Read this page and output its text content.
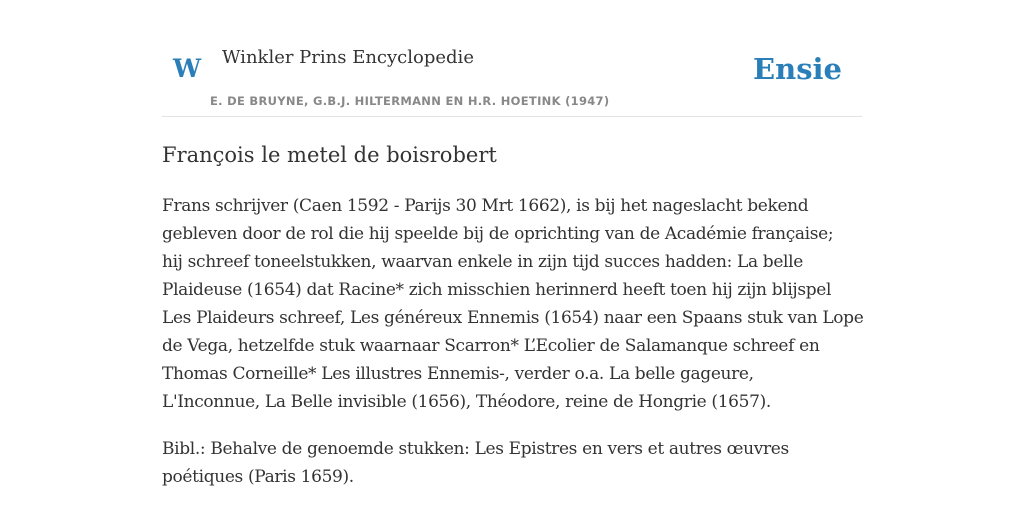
W Winkler Prins Encyclopedie
E. DE BRUYNE, G.B.J. HILTERMANN EN H.R. HOETINK (1947)
Ensie
François le metel de boisrobert

Frans schrijver (Caen 1592 - Parijs 30 Mrt 1662), is bij het nageslacht bekend
gebleven door de rol die hij speelde bij de oprichting van de Académie française;
hij schreef toneelstukken, waarvan enkele in zijn tijd succes hadden: La belle
Plaideuse (1654) dat Racine* zich misschien herinnerd heeft toen hij zijn blijspel
Les Plaideurs schreef, Les généreux Ennemis (1654) naar een Spaans stuk van Lope
de Vega, hetzelfde stuk waarnaar Scarron* L’Ecolier de Salamanque schreef en
Thomas Corneille* Les illustres Ennemis-, verder o.a. La belle gageure,
L'Inconnue, La Belle invisible (1656), Théodore, reine de Hongrie (1657).

Bibl.: Behalve de genoemde stukken: Les Epistres en vers et autres œuvres
poétiques (Paris 1659).
